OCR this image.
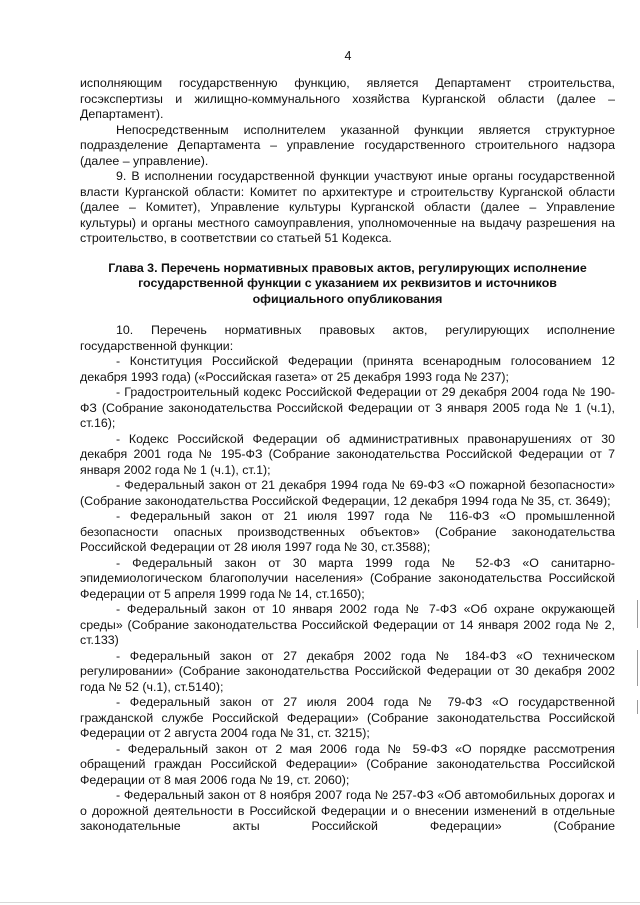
4

исполняющим государственную функцию, является Департамент строительства, госэкспертизы и жилищно-коммунального хозяйства Курганской области (далее – Департамент).

Непосредственным исполнителем указанной функции является структурное подразделение Департамента – управление государственного строительного надзора (далее – управление).

9. В исполнении государственной функции участвуют иные органы государственной власти Курганской области: Комитет по архитектуре и строительству Курганской области (далее – Комитет), Управление культуры Курганской области (далее – Управление культуры) и органы местного самоуправления, уполномоченные на выдачу разрешения на строительство, в соответствии со статьей 51 Кодекса.

Глава 3. Перечень нормативных правовых актов, регулирующих исполнение государственной функции с указанием их реквизитов и источников официального опубликования

10. Перечень нормативных правовых актов, регулирующих исполнение государственной функции:

- Конституция Российской Федерации (принята всенародным голосованием 12 декабря 1993 года) («Российская газета» от 25 декабря 1993 года № 237);

- Градостроительный кодекс Российской Федерации от 29 декабря 2004 года № 190-ФЗ (Собрание законодательства Российской Федерации от 3 января 2005 года № 1 (ч.1), ст.16);

- Кодекс Российской Федерации об административных правонарушениях от 30 декабря 2001 года № 195-ФЗ (Собрание законодательства Российской Федерации от 7 января 2002 года № 1 (ч.1), ст.1);

- Федеральный закон от 21 декабря 1994 года № 69-ФЗ «О пожарной безопасности» (Собрание законодательства Российской Федерации, 12 декабря 1994 года № 35, ст. 3649);

- Федеральный закон от 21 июля 1997 года № 116-ФЗ «О промышленной безопасности опасных производственных объектов» (Собрание законодательства Российской Федерации от 28 июля 1997 года № 30, ст.3588);

- Федеральный закон от 30 марта 1999 года № 52-ФЗ «О санитарно-эпидемиологическом благополучии населения» (Собрание законодательства Российской Федерации от 5 апреля 1999 года № 14, ст.1650);

- Федеральный закон от 10 января 2002 года № 7-ФЗ «Об охране окружающей среды» (Собрание законодательства Российской Федерации от 14 января 2002 года № 2, ст.133)

- Федеральный закон от 27 декабря 2002 года № 184-ФЗ «О техническом регулировании» (Собрание законодательства Российской Федерации от 30 декабря 2002 года № 52 (ч.1), ст.5140);

- Федеральный закон от 27 июля 2004 года № 79-ФЗ «О государственной гражданской службе Российской Федерации» (Собрание законодательства Российской Федерации от 2 августа 2004 года № 31, ст. 3215);

- Федеральный закон от 2 мая 2006 года № 59-ФЗ «О порядке рассмотрения обращений граждан Российской Федерации» (Собрание законодательства Российской Федерации от 8 мая 2006 года № 19, ст. 2060);

- Федеральный закон от 8 ноября 2007 года № 257-ФЗ «Об автомобильных дорогах и о дорожной деятельности в Российской Федерации и о внесении изменений в отдельные законодательные акты Российской Федерации» (Собрание
